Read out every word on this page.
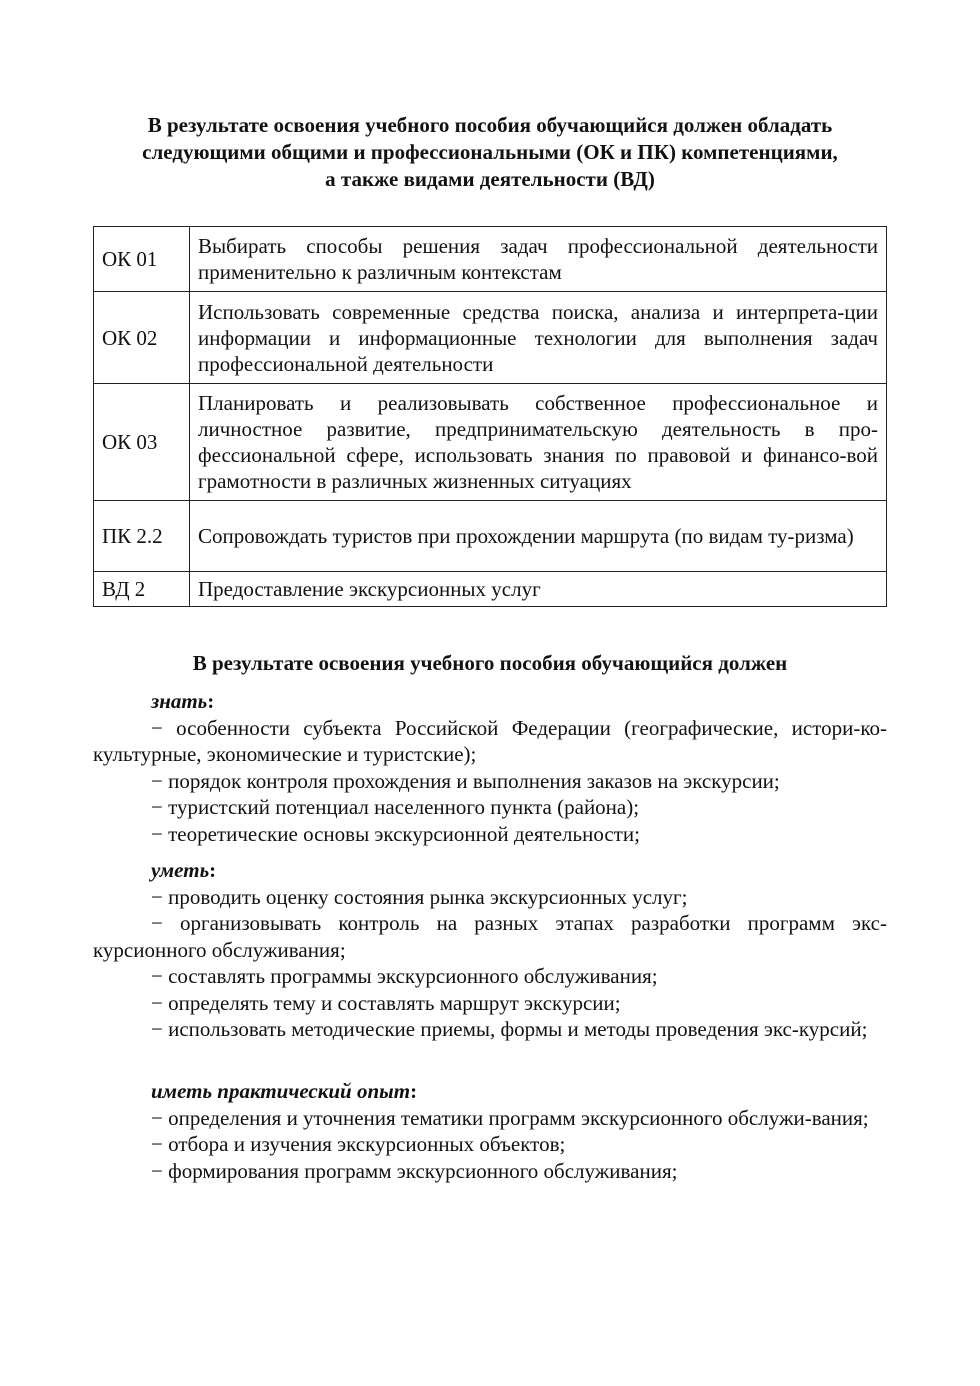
В результате освоения учебного пособия обучающийся должен обладать
следующими общими и профессиональными (ОК и ПК) компетенциями,
а также видами деятельности (ВД)
ОК 01	Выбирать способы решения задач профессиональной деятельности применительно к различным контекстам
ОК 02	Использовать современные средства поиска, анализа и интерпрета-ции информации и информационные технологии для выполнения задач профессиональной деятельности
ОК 03	Планировать и реализовывать собственное профессиональное и личностное развитие, предпринимательскую деятельность в про-фессиональной сфере, использовать знания по правовой и финансо-вой грамотности в различных жизненных ситуациях
ПК 2.2	Сопровождать туристов при прохождении маршрута (по видам ту-ризма)
ВД 2	Предоставление экскурсионных услуг
В результате освоения учебного пособия обучающийся должен
знать:
− особенности субъекта Российской Федерации (географические, истори-ко-культурные, экономические и туристские);
− порядок контроля прохождения и выполнения заказов на экскурсии;
− туристский потенциал населенного пункта (района);
− теоретические основы экскурсионной деятельности;
уметь:
− проводить оценку состояния рынка экскурсионных услуг;
− организовывать контроль на разных этапах разработки программ экс-курсионного обслуживания;
− составлять программы экскурсионного обслуживания;
− определять тему и составлять маршрут экскурсии;
− использовать методические приемы, формы и методы проведения экс-курсий;
иметь практический опыт:
− определения и уточнения тематики программ экскурсионного обслужи-вания;
− отбора и изучения экскурсионных объектов;
− формирования программ экскурсионного обслуживания;
